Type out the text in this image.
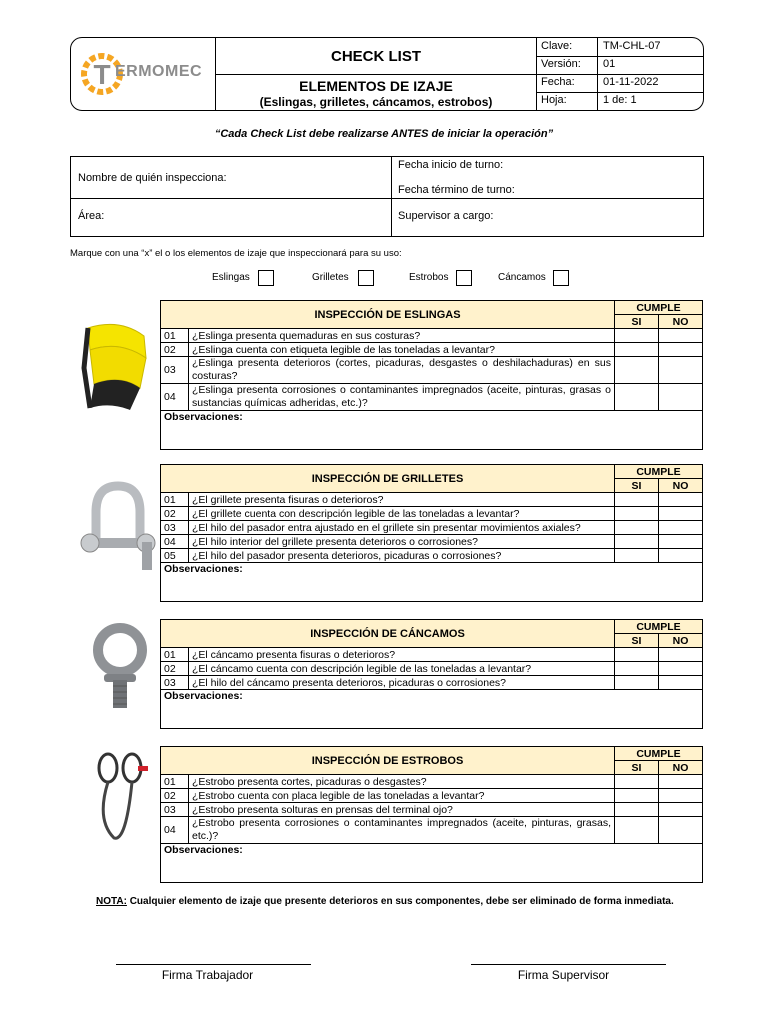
T ERMOMEC
CHECK LIST
ELEMENTOS DE IZAJE
(Eslingas, grilletes, cáncamos, estrobos)
Clave:	TM-CHL-07
Versión: 01
Fecha:	01-11-2022
Hoja:	1 de: 1
“Cada Check List debe realizarse ANTES de iniciar la operación”
Nombre de quién inspecciona:
Fecha inicio de turno:
Fecha término de turno:
Área:	Supervisor a cargo:
Marque con una “x” el o los elementos de izaje que inspeccionará para su uso:
Eslingas	Grilletes	Estrobos	Cáncamos
INSPECCIÓN DE ESLINGAS		CUMPLE	
		SI	NO
01	¿Eslinga presenta quemaduras en sus costuras?		
02	¿Eslinga cuenta con etiqueta legible de las toneladas a levantar?		
03	¿Eslinga presenta deterioros (cortes, picaduras, desgastes o deshilachaduras) en sus costuras?		
04	¿Eslinga presenta corrosiones o contaminantes impregnados (aceite, pinturas, grasas o sustancias químicas adheridas, etc.)?		
Observaciones:			
INSPECCIÓN DE GRILLETES		CUMPLE	
		SI	NO
01	¿El grillete presenta fisuras o deterioros?		
02	¿El grillete cuenta con descripción legible de las toneladas a levantar?		
03	¿El hilo del pasador entra ajustado en el grillete sin presentar movimientos axiales?		
04	¿El hilo interior del grillete presenta deterioros o corrosiones?		
05	¿El hilo del pasador presenta deterioros, picaduras o corrosiones?		
Observaciones:			
INSPECCIÓN DE CÁNCAMOS		CUMPLE	
		SI	NO
01	¿El cáncamo presenta fisuras o deterioros?		
02	¿El cáncamo cuenta con descripción legible de las toneladas a levantar?		
03	¿El hilo del cáncamo presenta deterioros, picaduras o corrosiones?		
Observaciones:			
INSPECCIÓN DE ESTROBOS		CUMPLE	
		SI	NO
01	¿Estrobo presenta cortes, picaduras o desgastes?		
02	¿Estrobo cuenta con placa legible de las toneladas a levantar?		
03	¿Estrobo presenta solturas en prensas del terminal ojo?		
04	¿Estrobo presenta corrosiones o contaminantes impregnados (aceite, pinturas, grasas, etc.)?		
Observaciones:			
NOTA: Cualquier elemento de izaje que presente deterioros en sus componentes, debe ser eliminado de forma inmediata.
Firma Trabajador	Firma Supervisor
